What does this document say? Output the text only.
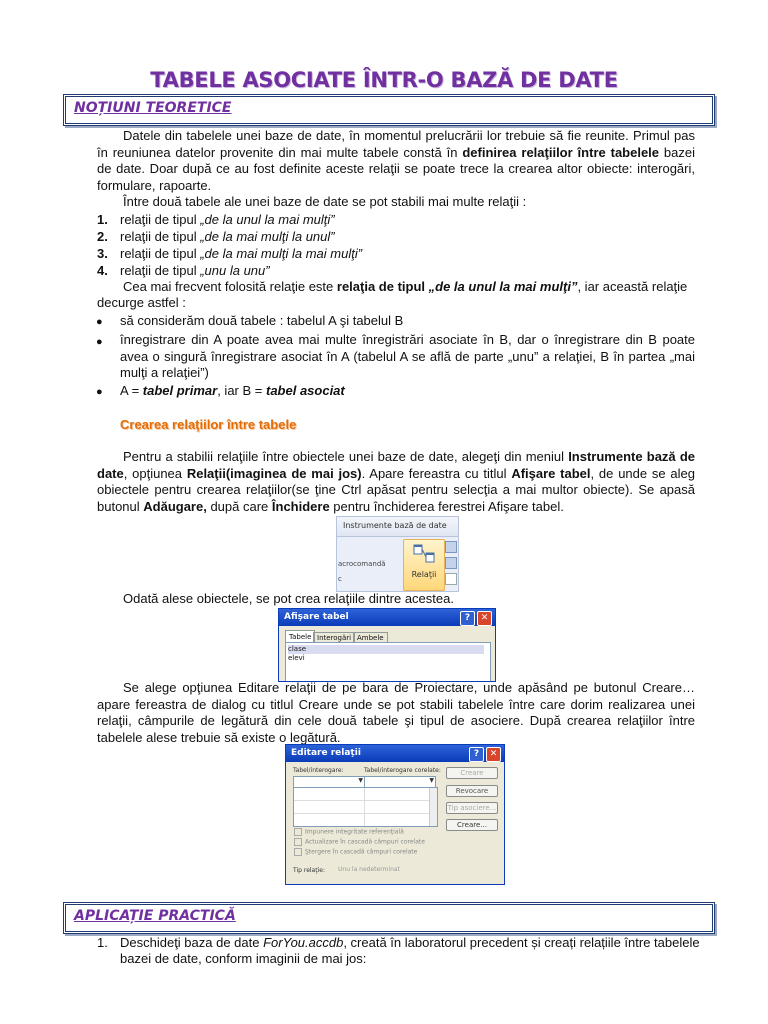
TABELE ASOCIATE ÎNTR-O BAZĂ DE DATE
NOȚIUNI TEORETICE
Datele din tabelele unei baze de date, în momentul prelucrării lor trebuie să fie reunite. Primul pas în reuniunea datelor provenite din mai multe tabele constă în definirea relaţiilor între tabelele bazei de date. Doar după ce au fost definite aceste relaţii se poate trece la crearea altor obiecte: interogări, formulare, rapoarte.
Între două tabele ale unei baze de date se pot stabili mai multe relaţii :
1. relaţii de tipul „de la unul la mai mulţi”
2. relaţii de tipul „de la mai mulţi la unul”
3. relaţii de tipul „de la mai mulţi la mai mulţi”
4. relaţii de tipul „unu la unu”
Cea mai frecvent folosită relaţie este relaţia de tipul „de la unul la mai mulţi”, iar această relaţie
decurge astfel :
● să considerăm două tabele : tabelul A şi tabelul B
● înregistrare din A poate avea mai multe înregistrări asociate în B, dar o înregistrare din B poate avea o singură înregistrare asociat în A (tabelul A se află de parte „unu” a relaţiei, B în partea „mai mulţi a relaţiei”)
● A = tabel primar, iar B = tabel asociat
Crearea relaţiilor între tabele
Pentru a stabilii relaţiile între obiectele unei baze de date, alegeţi din meniul Instrumente bază de date, opţiunea Relaţii(imaginea de mai jos). Apare fereastra cu titlul Afişare tabel, de unde se aleg obiectele pentru crearea relaţiilor(se ţine Ctrl apăsat pentru selecţia a mai multor obiecte). Se apasă butonul Adăugare, după care Închidere pentru închiderea ferestrei Afişare tabel.
Instrumente bază de date
acrocomandă
c	Relaţii
Odată alese obiectele, se pot crea relaţiile dintre acestea.
Afişare tabel	?	✕
Tabele Interogări Ambele
clase
elevi
Se alege opţiunea Editare relaţii de pe bara de Proiectare, unde apăsând pe butonul Creare… apare fereastra de dialog cu titlul Creare unde se pot stabili tabelele între care dorim realizarea unei relaţii, câmpurile de legătură din cele două tabele şi tipul de asociere. După crearea relaţiilor între tabelele alese trebuie să existe o legătură.
Editare relaţii	?	✕
Tabel/interogare:	Tabel/interogare corelate:
▼	▼
Impunere integritate referențială
Actualizare în cascadă câmpuri corelate
Ştergere în cascadă câmpuri corelate
Tip relaţie: Unu la nedeterminat
Creare
Revocare
Tip asociere...
Creare...
APLICAȚIE PRACTICĂ
1. Deschideţi baza de date ForYou.accdb, creată în laboratorul precedent și creați relațiile între tabelele
bazei de date, conform imaginii de mai jos:
